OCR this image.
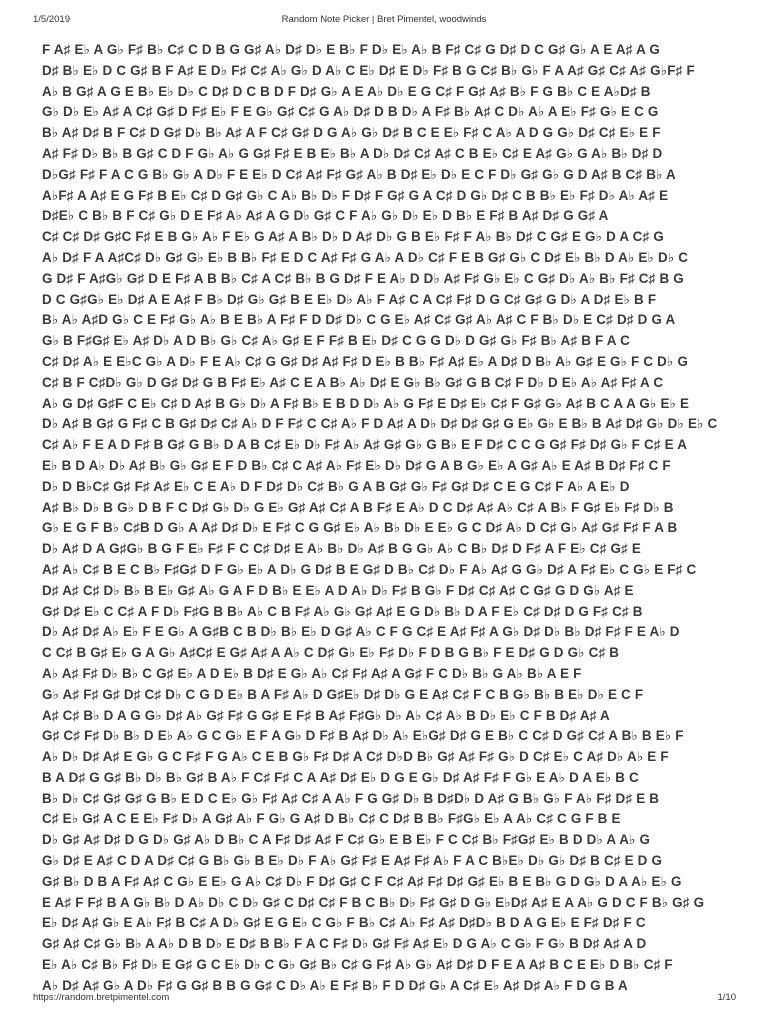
1/5/2019	Random Note Picker | Bret Pimentel, woodwinds
F A♯ E♭ A G♭ F♯ B♭ C♯ C D B G G♯ A♭ D♯ D♭ E B♭ F D♭ E♭ A♭ B F♯ C♯ G D♯ D C G♯ G♭ A E A♯ A G
D♯ B♭ E♭ D C G♯ B F A♯ E D♭ F♯ C♯ A♭ G♭ D A♭ C E♭ D♯ E D♭ F♯ B G C♯ B♭ G♭ F A A♯ G♯ C♯ A♯ G♭F♯ F
A♭ B G♯ A G E B♭ E♭ D♭ C D♯ D C B D F D♯ G♭ A E A♭ D♭ E G C♯ F G♯ A♯ B♭ F G B♭ C E A♭D♯ B
G♭ D♭ E♭ A♯ A C♯ G♯ D F♯ E♭ F E G♭ G♯ C♯ G A♭ D♯ D B D♭ A F♯ B♭ A♯ C D♭ A♭ A E♭ F♯ G♭ E C G
B♭ A♯ D♯ B F C♯ D G♯ D♭ B♭ A♯ A F C♯ G♯ D G A♭ G♭ D♯ B C E E♭ F♯ C A♭ A D G G♭ D♯ C♯ E♭ E F
A♯ F♯ D♭ B♭ B G♯ C D F G♭ A♭ G G♯ F♯ E B E♭ B♭ A D♭ D♯ C♯ A♯ C B E♭ C♯ E A♯ G♭ G A♭ B♭ D♯ D
D♭G♯ F♯ F A C G B♭ G♭ A D♭ F E E♭ D C♯ A♯ F♯ G♯ A♭ B D♯ E♭ D♭ E C F D♭ G♯ G♭ G D A♯ B C♯ B♭ A
A♭F♯ A A♯ E G F♯ B E♭ C♯ D G♯ G♭ C A♭ B♭ D♭ F D♯ F G♯ G A C♯ D G♭ D♯ C B B♭ E♭ F♯ D♭ A♭ A♯ E
D♯E♭ C B♭ B F C♯ G♭ D E F♯ A♭ A♯ A G D♭ G♯ C F A♭ G♭ D♭ E♭ D B♭ E F♯ B A♯ D♯ G G♯ A
C♯ C♯ D♯ G♯C F♯ E B G♭ A♭ F E♭ G A♯ A B♭ D♭ D A♯ D♭ G B E♭ F♯ F A♭ B♭ D♯ C G♯ E G♭ D A C♯ G
A♭ D♯ F A A♯C♯ D♭ G♯ G♭ E♭ B B♭ F♯ E D C A♯ F♯ G A♭ A D♭ C♯ F E B G♯ G♭ C D♯ E♭ B♭ D A♭ E♭ D♭ C
G D♯ F A♯G♭ G♯ D E F♯ A B B♭ C♯ A C♯ B♭ B G D♯ F E A♭ D D♭ A♯ F♯ G♭ E♭ C G♯ D♭ A♭ B♭ F♯ C♯ B G
D C G♯G♭ E♭ D♯ A E A♯ F B♭ D♯ G♭ G♯ B E E♭ D♭ A♭ F A♯ C A C♯ F♯ D G C♯ G♯ G D♭ A D♯ E♭ B F
B♭ A♭ A♯D G♭ C E F♯ G♭ A♭ B E B♭ A F♯ F D D♯ D♭ C G E♭ A♯ C♯ G♯ A♭ A♯ C F B♭ D♭ E C♯ D♯ D G A
G♭ B F♯G♯ E♭ A♯ D♭ A D B♭ G♭ C♯ A♭ G♯ E F F♯ B E♭ D♯ C G G D♭ D G♯ G♭ F♯ B♭ A♯ B F A C
C♯ D♯ A♭ E E♭C G♭ A D♭ F E A♭ C♯ G G♯ D♯ A♯ F♯ D E♭ B B♭ F♯ A♯ E♭ A D♯ D B♭ A♭ G♯ E G♭ F C D♭ G
C♯ B F C♯D♭ G♭ D G♯ D♯ G B F♯ E♭ A♯ C E A B♭ A♭ D♯ E G♭ B♭ G♯ G B C♯ F D♭ D E♭ A♭ A♯ F♯ A C
A♭ G D♯ G♯F C E♭ C♯ D A♯ B G♭ D♭ A F♯ B♭ E B D D♭ A♭ G F♯ E D♯ E♭ C♯ F G♯ G♭ A♯ B C A A G♭ E♭ E
D♭ A♯ B G♯ G F♯ C B G♯ D♯ C♯ A♭ D F F♯ C C♯ A♭ F D A♯ A D♭ D♯ D♯ G♯ G E♭ G♭ E B♭ B A♯ D♯ G♭ D♭ E♭ C
C♯ A♭ F E A D F♯ B G♯ G B♭ D A B C♯ E♭ D♭ F♯ A♭ A♯ G♯ G♭ G B♭ E F D♯ C C G G♯ F♯ D♯ G♭ F C♯ E A
E♭ B D A♭ D♭ A♯ B♭ G♭ G♯ E F D B♭ C♯ C A♯ A♭ F♯ E♭ D♭ D♯ G A B G♭ E♭ A G♯ A♭ E A♯ B D♯ F♯ C F
D♭ D B♭C♯ G♯ F♯ A♯ E♭ C E A♭ D F D♯ D♭ C♯ B♭ G A B G♯ G♭ F♯ G♯ D♯ C E G C♯ F A♭ A E♭ D
A♯ B♭ D♭ B G♭ D B F C D♯ G♭ D♭ G E♭ G♯ A♯ C♯ A B F♯ E A♭ D C D♯ A♯ A♭ C♯ A B♭ F G♯ E♭ F♯ D♭ B
G♭ E G F B♭ C♯B D G♭ A A♯ D♯ D♭ E F♯ C G G♯ E♭ A♭ B♭ D♭ E E♭ G C D♯ A♭ D C♯ G♭ A♯ G♯ F♯ F A B
D♭ A♯ D A G♯G♭ B G F E♭ F♯ F C C♯ D♯ E A♭ B♭ D♭ A♯ B G G♭ A♭ C B♭ D♯ D F♯ A F E♭ C♯ G♯ E
A♯ A♭ C♯ B E C B♭ F♯G♯ D F G♭ E♭ A D♭ G D♯ B E G♯ D B♭ C♯ D♭ F A♭ A♯ G G♭ D♯ A F♯ E♭ C G♭ E F♯ C
D♯ A♯ C♯ D♭ B♭ B E♭ G♯ A♭ G A F D B♭ E E♭ A D A♭ D♭ F♯ B G♭ F D♯ C♯ A♯ C G♯ G D G♭ A♯ E
G♯ D♯ E♭ C C♯ A F D♭ F♯G B B♭ A♭ C B F♯ A♭ G♭ G♯ A♯ E G D♭ B♭ D A F E♭ C♯ D♯ D G F♯ C♯ B
D♭ A♯ D♯ A♭ E♭ F E G♭ A G♯B C B D♭ B♭ E♭ D G♯ A♭ C F G C♯ E A♯ F♯ A G♭ D♯ D♭ B♭ D♯ F♯ F E A♭ D
C C♯ B G♯ E♭ G A G♭ A♯C♯ E G♯ A♯ A A♭ C D♯ G♭ E♭ F♯ D♭ F D B G B♭ F E D♯ G D G♭ C♯ B
A♭ A♯ F♯ D♭ B♭ C G♯ E♭ A D E♭ B D♯ E G♭ A♭ C♯ F♯ A♯ A G♯ F C D♭ B♭ G A♭ B♭ A E F
G♭ A♯ F♯ G♯ D♯ C♯ D♭ C G D E♭ B A F♯ A♭ D G♯E♭ D♯ D♭ G E A♯ C♯ F C B G♭ B♭ B E♭ D♭ E C F
A♯ C♯ B♭ D A G G♭ D♯ A♭ G♯ F♯ G G♯ E F♯ B A♯ F♯G♭ D♭ A♭ C♯ A♭ B D♭ E♭ C F B D♯ A♯ A
G♯ C♯ F♯ D♭ B♭ D E♭ A♭ G C G♭ E F A G♭ D F♯ B A♯ D♭ A♭ E♭G♯ D♯ G E B♭ C C♯ D G♯ C♯ A B♭ B E♭ F
A♭ D♭ D♯ A♯ E G♭ G C F♯ F G A♭ C E B G♭ F♯ D♯ A C♯ D♭D B♭ G♯ A♯ F♯ G♭ D C♯ E♭ C A♯ D♭ A♭ E F
B A D♯ G G♯ B♭ D♭ B♭ G♯ B A♭ F C♯ F♯ C A A♯ D♯ E♭ D G E G♭ D♯ A♯ F♯ F G♭ E A♭ D A E♭ B C
B♭ D♭ C♯ G♯ G♯ G B♭ E D C E♭ G♭ F♯ A♯ C♯ A A♭ F G G♯ D♭ B D♯D♭ D A♯ G B♭ G♭ F A♭ F♯ D♯ E B
C♯ E♭ G♯ A C E E♭ F♯ D♭ A G♯ A♭ F G♭ G A♯ D B♭ C♯ C D♯ B B♭ F♯G♭ E♭ A A♭ C♯ C G F B E
D♭ G♯ A♯ D♯ D G D♭ G♯ A♭ D B♭ C A F♯ D♯ A♯ F C♯ G♭ E B E♭ F C C♯ B♭ F♯G♯ E♭ B D D♭ A A♭ G
G♭ D♯ E A♯ C D A D♯ C♯ G B♭ G♭ B E♭ D♭ F A♭ G♯ F♯ E A♯ F♯ A♭ F A C B♭E♭ D♭ G♭ D♯ B C♯ E D G
G♯ B♭ D B A F♯ A♯ C G♭ E E♭ G A♭ C♯ D♭ F D♯ G♯ C F C♯ A♯ F♯ D♯ G♯ E♭ B E B♭ G D G♭ D A A♭ E♭ G
E A♯ F F♯ B A G♭ B♭ D A♭ D♭ C D♭ G♯ C D♯ C♯ F B C B♭ D♭ F♯ G♯ D G♭ E♭D♯ A♯ E A A♭ G D C F B♭ G♯ G
E♭ D♯ A♯ G♭ E A♭ F♯ B C♯ A D♭ G♯ E G E♭ C G♭ F B♭ C♯ A♭ F♯ A♯ D♯D♭ B D A G E♭ E F♯ D♯ F C
G♯ A♯ C♯ G♭ B♭ A A♭ D B D♭ E D♯ B B♭ F A C F♯ D♭ G♯ F♯ A♯ E♭ D G A♭ C G♭ F G♭ B D♯ A♯ A D
E♭ A♭ C♯ B♭ F♯ D♭ E G♯ G C E♭ D♭ C G♭ G♯ B♭ C♯ G F♯ A♭ G♭ A♯ D♯ D F E A A♯ B C E E♭ D B♭ C♯ F
A♭ D♯ A♯ G♭ A D♭ F♯ G G♯ B B G G♯ C D♭ A♭ E F♯ B♭ F D D♯ G♭ A C♯ E♭ A♯ D♯ A♭ F D G B A
https://random.bretpimentel.com	1/10
